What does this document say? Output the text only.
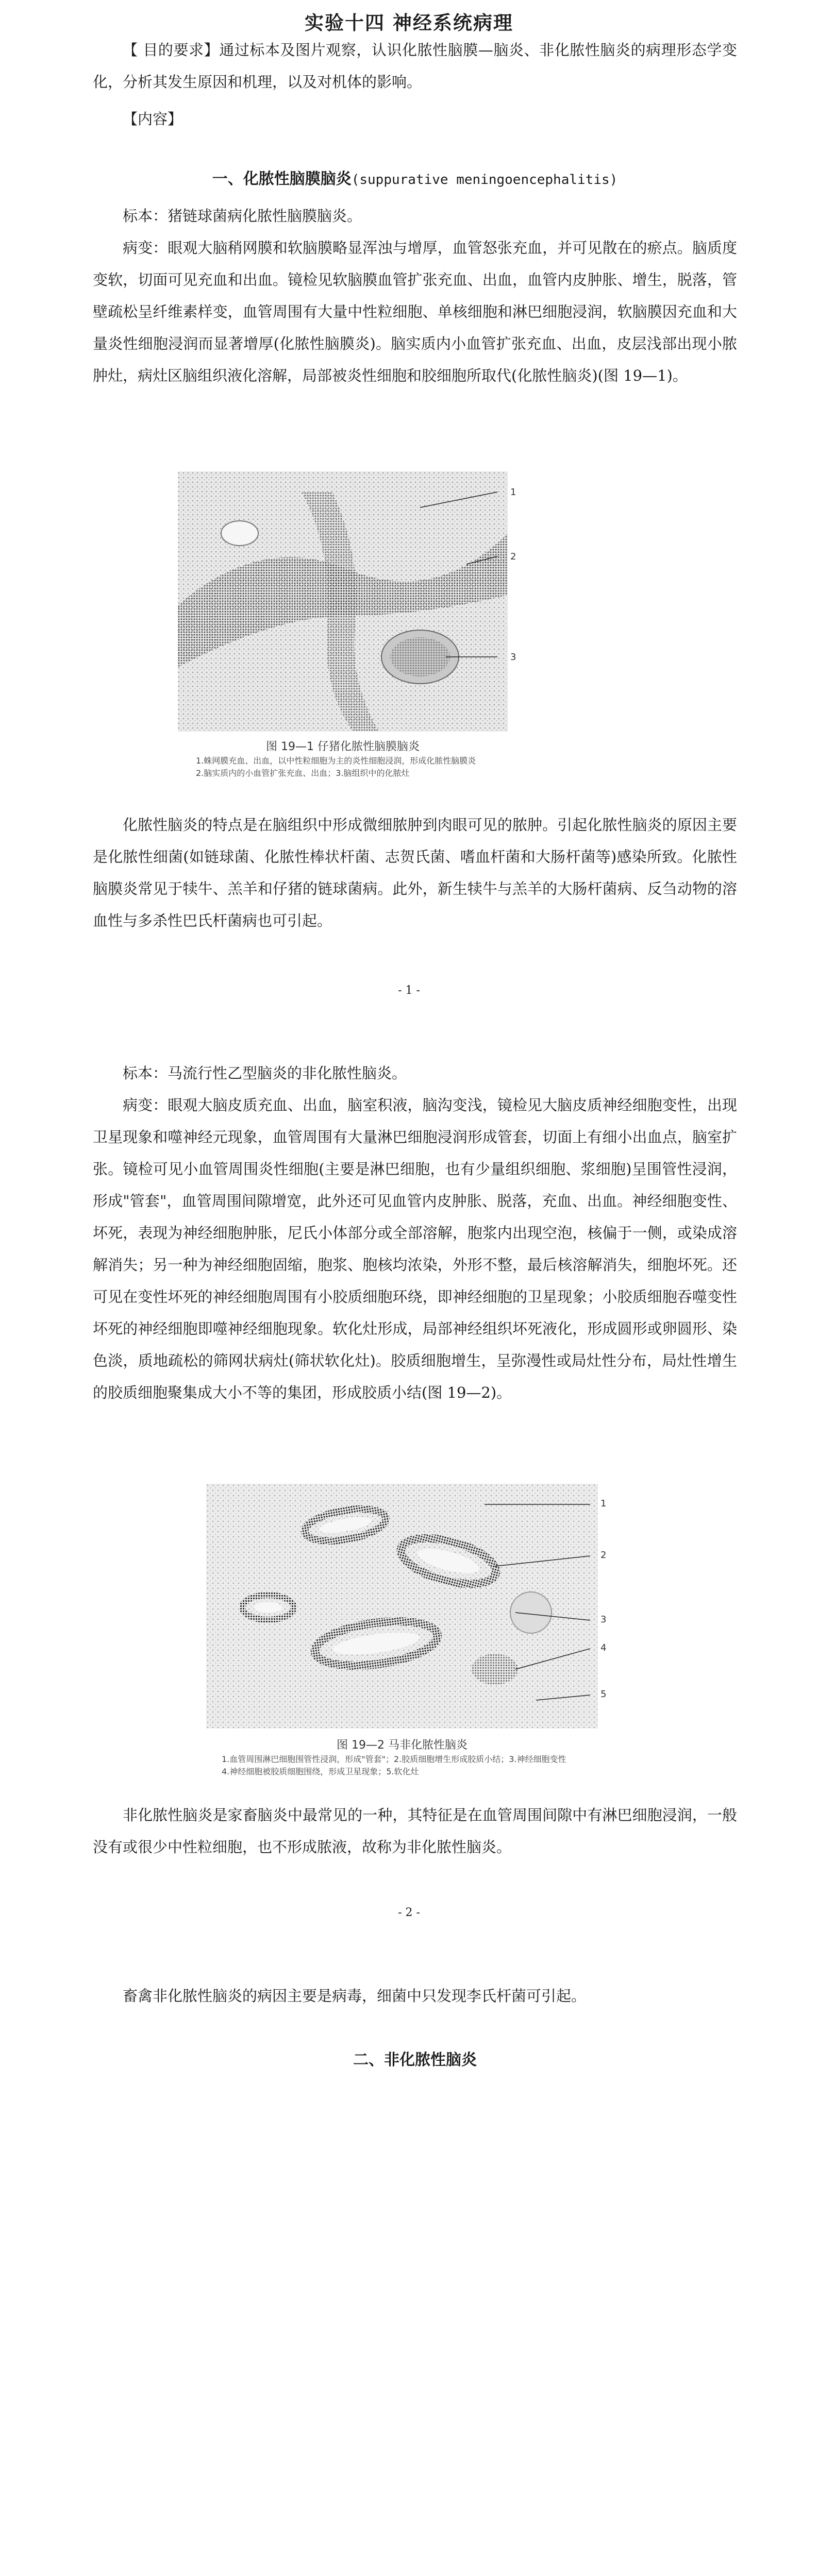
实验十四 神经系统病理
【 目的要求】通过标本及图片观察，认识化脓性脑膜—脑炎、非化脓性脑炎的病理形态学变化，分析其发生原因和机理，以及对机体的影响。
【内容】
一、化脓性脑膜脑炎(suppurative meningoencephalitis)
标本：猪链球菌病化脓性脑膜脑炎。
病变：眼观大脑稍网膜和软脑膜略显浑浊与增厚，血管怒张充血，并可见散在的瘀点。脑质度变软，切面可见充血和出血。镜检见软脑膜血管扩张充血、出血，血管内皮肿胀、增生，脱落，管壁疏松呈纤维素样变，血管周围有大量中性粒细胞、单核细胞和淋巴细胞浸润，软脑膜因充血和大量炎性细胞浸润而显著增厚(化脓性脑膜炎)。脑实质内小血管扩张充血、出血，皮层浅部出现小脓肿灶，病灶区脑组织液化溶解，局部被炎性细胞和胶细胞所取代(化脓性脑炎)(图 19—1)。
1
2
3
图 19—1 仔猪化脓性脑膜脑炎
1.蛛网膜充血、出血，以中性粒细胞为主的炎性细胞浸润，形成化脓性脑膜炎
2.脑实质内的小血管扩张充血、出血；3.脑组织中的化脓灶
化脓性脑炎的特点是在脑组织中形成微细脓肿到肉眼可见的脓肿。引起化脓性脑炎的原因主要是化脓性细菌(如链球菌、化脓性棒状杆菌、志贺氏菌、嗜血杆菌和大肠杆菌等)感染所致。化脓性脑膜炎常见于犊牛、羔羊和仔猪的链球菌病。此外，新生犊牛与羔羊的大肠杆菌病、反刍动物的溶血性与多杀性巴氏杆菌病也可引起。
- 1 -
标本：马流行性乙型脑炎的非化脓性脑炎。
病变：眼观大脑皮质充血、出血，脑室积液，脑沟变浅，镜检见大脑皮质神经细胞变性，出现卫星现象和噬神经元现象，血管周围有大量淋巴细胞浸润形成管套，切面上有细小出血点，脑室扩张。镜检可见小血管周围炎性细胞(主要是淋巴细胞，也有少量组织细胞、浆细胞)呈围管性浸润，形成"管套"，血管周围间隙增宽，此外还可见血管内皮肿胀、脱落，充血、出血。神经细胞变性、坏死，表现为神经细胞肿胀，尼氏小体部分或全部溶解，胞浆内出现空泡，核偏于一侧，或染成溶解消失；另一种为神经细胞固缩，胞浆、胞核均浓染，外形不整，最后核溶解消失，细胞坏死。还可见在变性坏死的神经细胞周围有小胶质细胞环绕，即神经细胞的卫星现象；小胶质细胞吞噬变性坏死的神经细胞即噬神经细胞现象。软化灶形成，局部神经组织坏死液化，形成圆形或卵圆形、染色淡，质地疏松的筛网状病灶(筛状软化灶)。胶质细胞增生，呈弥漫性或局灶性分布，局灶性增生的胶质细胞聚集成大小不等的集团，形成胶质小结(图 19—2)。
1
2
3
4
5
图 19—2 马非化脓性脑炎
1.血管周围淋巴细胞围管性浸润，形成"管套"；2.胶质细胞增生形成胶质小结；3.神经细胞变性
4.神经细胞被胶质细胞围绕，形成卫星现象；5.软化灶
非化脓性脑炎是家畜脑炎中最常见的一种，其特征是在血管周围间隙中有淋巴细胞浸润，一般没有或很少中性粒细胞，也不形成脓液，故称为非化脓性脑炎。
- 2 -
畜禽非化脓性脑炎的病因主要是病毒，细菌中只发现李氏杆菌可引起。
二、非化脓性脑炎
